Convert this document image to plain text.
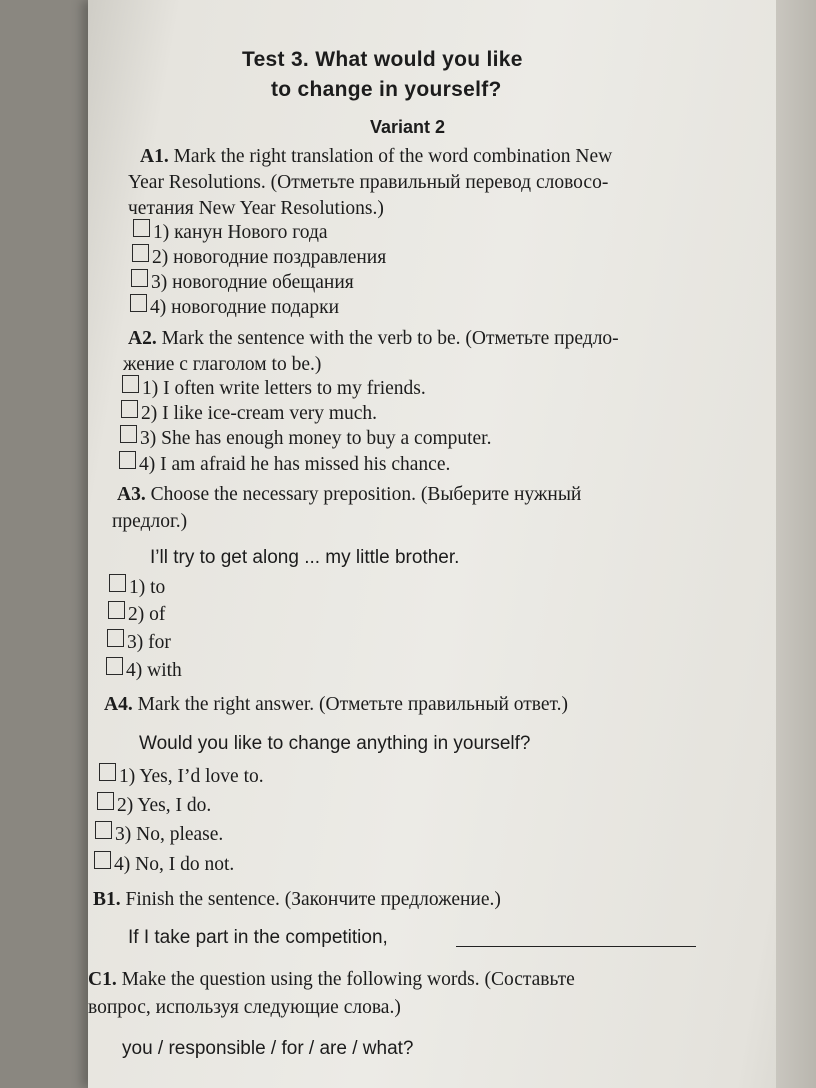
Test 3. What would you like
to change in yourself?
Variant 2
A1. Mark the right translation of the word combination New
Year Resolutions. (Отметьте правильный перевод словосо-
четания New Year Resolutions.)
1) канун Нового года
2) новогодние поздравления
3) новогодние обещания
4) новогодние подарки
A2. Mark the sentence with the verb to be. (Отметьте предло-
жение с глаголом to be.)
1) I often write letters to my friends.
2) I like ice-cream very much.
3) She has enough money to buy a computer.
4) I am afraid he has missed his chance.
A3. Choose the necessary preposition. (Выберите нужный
предлог.)
I’ll try to get along ... my little brother.
1) to
2) of
3) for
4) with
A4. Mark the right answer. (Отметьте правильный ответ.)
Would you like to change anything in yourself?
1) Yes, I’d love to.
2) Yes, I do.
3) No, please.
4) No, I do not.
B1. Finish the sentence. (Закончите предложение.)
If I take part in the competition,
C1. Make the question using the following words. (Составьте
вопрос, используя следующие слова.)
you / responsible / for / are / what?
